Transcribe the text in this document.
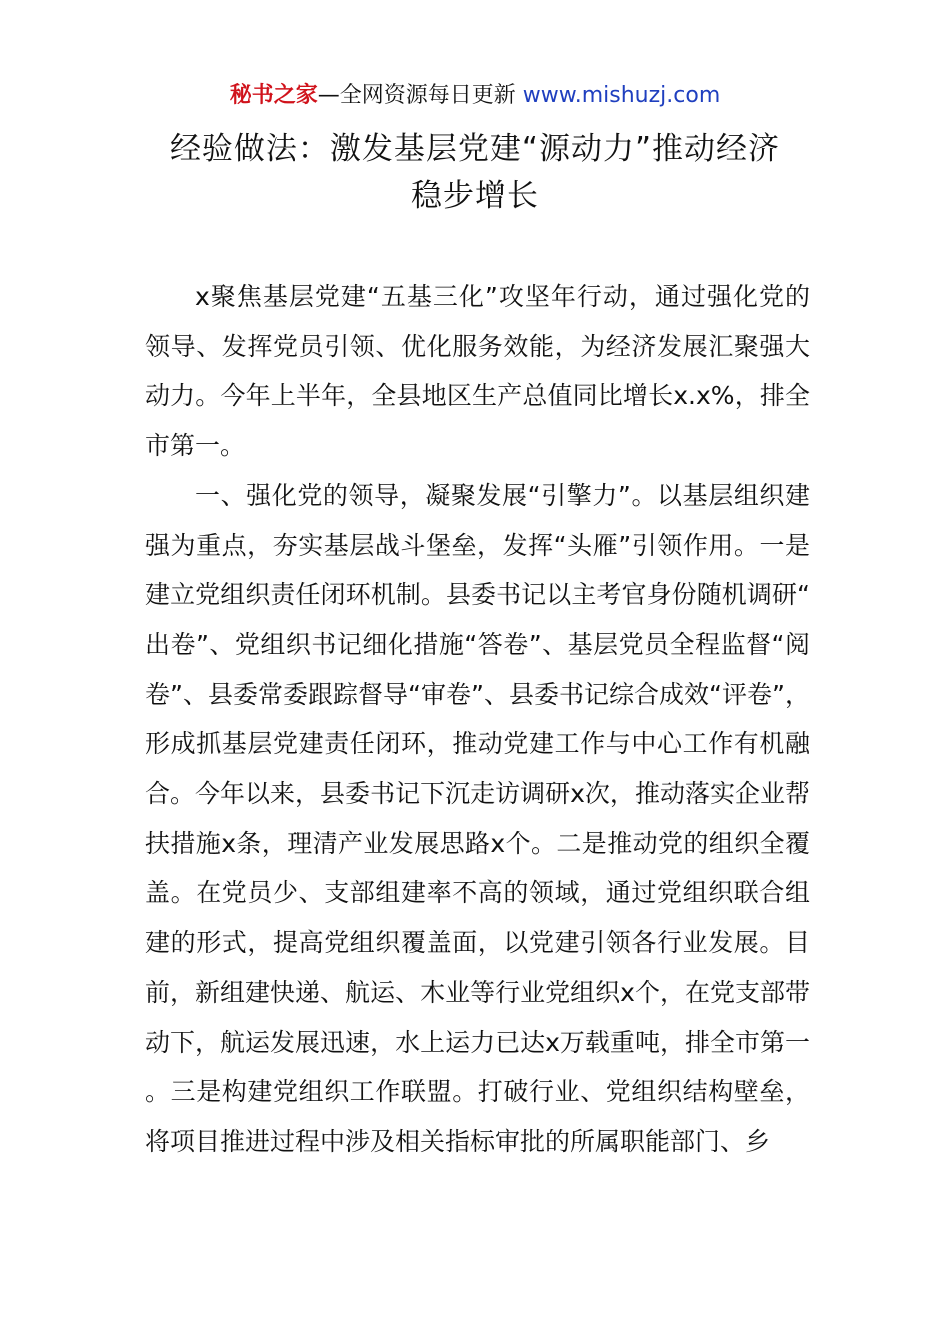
秘书之家—全网资源每日更新 www.mishuzj.com
经验做法：激发基层党建“源动力”推动经济
稳步增长

x聚焦基层党建“五基三化”攻坚年行动，通过强化党的领导、发挥党员引领、优化服务效能，为经济发展汇聚强大动力。今年上半年，全县地区生产总值同比增长x.x%，排全市第一。

一、强化党的领导，凝聚发展“引擎力”。以基层组织建强为重点，夯实基层战斗堡垒，发挥“头雁”引领作用。一是建立党组织责任闭环机制。县委书记以主考官身份随机调研“出卷”、党组织书记细化措施“答卷”、基层党员全程监督“阅卷”、县委常委跟踪督导“审卷”、县委书记综合成效“评卷”，形成抓基层党建责任闭环，推动党建工作与中心工作有机融合。今年以来，县委书记下沉走访调研x次，推动落实企业帮扶措施x条，理清产业发展思路x个。二是推动党的组织全覆盖。在党员少、支部组建率不高的领域，通过党组织联合组建的形式，提高党组织覆盖面，以党建引领各行业发展。目前，新组建快递、航运、木业等行业党组织x个，在党支部带动下，航运发展迅速，水上运力已达x万载重吨，排全市第一。三是构建党组织工作联盟。打破行业、党组织结构壁垒，将项目推进过程中涉及相关指标审批的所属职能部门、乡
